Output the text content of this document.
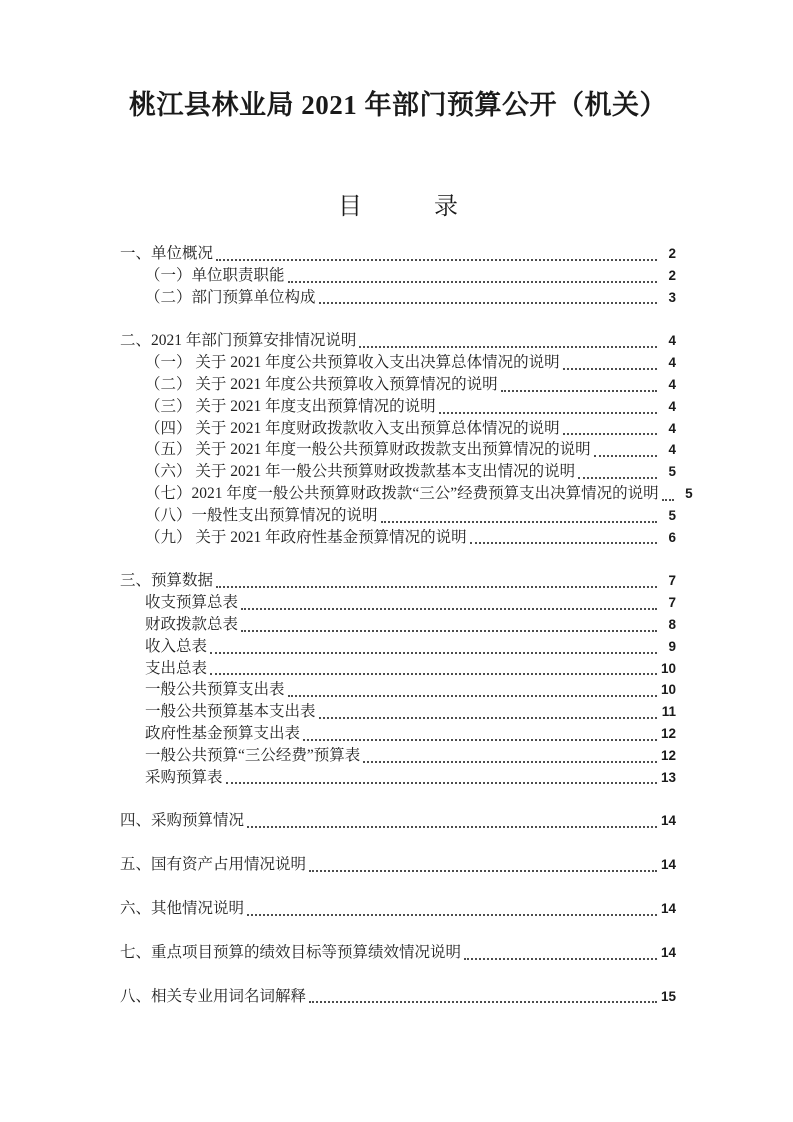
桃江县林业局 2021 年部门预算公开（机关）
目　　　录
一、单位概况	2
（一）单位职责职能	2
（二）部门预算单位构成	3
二、2021 年部门预算安排情况说明	4
（一） 关于 2021 年度公共预算收入支出决算总体情况的说明	4
（二） 关于 2021 年度公共预算收入预算情况的说明	4
（三） 关于 2021 年度支出预算情况的说明	4
（四） 关于 2021 年度财政拨款收入支出预算总体情况的说明	4
（五） 关于 2021 年度一般公共预算财政拨款支出预算情况的说明	4
（六） 关于 2021 年一般公共预算财政拨款基本支出情况的说明	5
（七）2021 年度一般公共预算财政拨款“三公”经费预算支出决算情况的说明	5
（八）一般性支出预算情况的说明	5
（九） 关于 2021 年政府性基金预算情况的说明	6
三、预算数据	7
收支预算总表	7
财政拨款总表	8
收入总表	9
支出总表	10
一般公共预算支出表	10
一般公共预算基本支出表	11
政府性基金预算支出表	12
一般公共预算“三公经费”预算表	12
采购预算表	13
四、采购预算情况	14
五、国有资产占用情况说明	14
六、其他情况说明	14
七、重点项目预算的绩效目标等预算绩效情况说明	14
八、相关专业用词名词解释	15
